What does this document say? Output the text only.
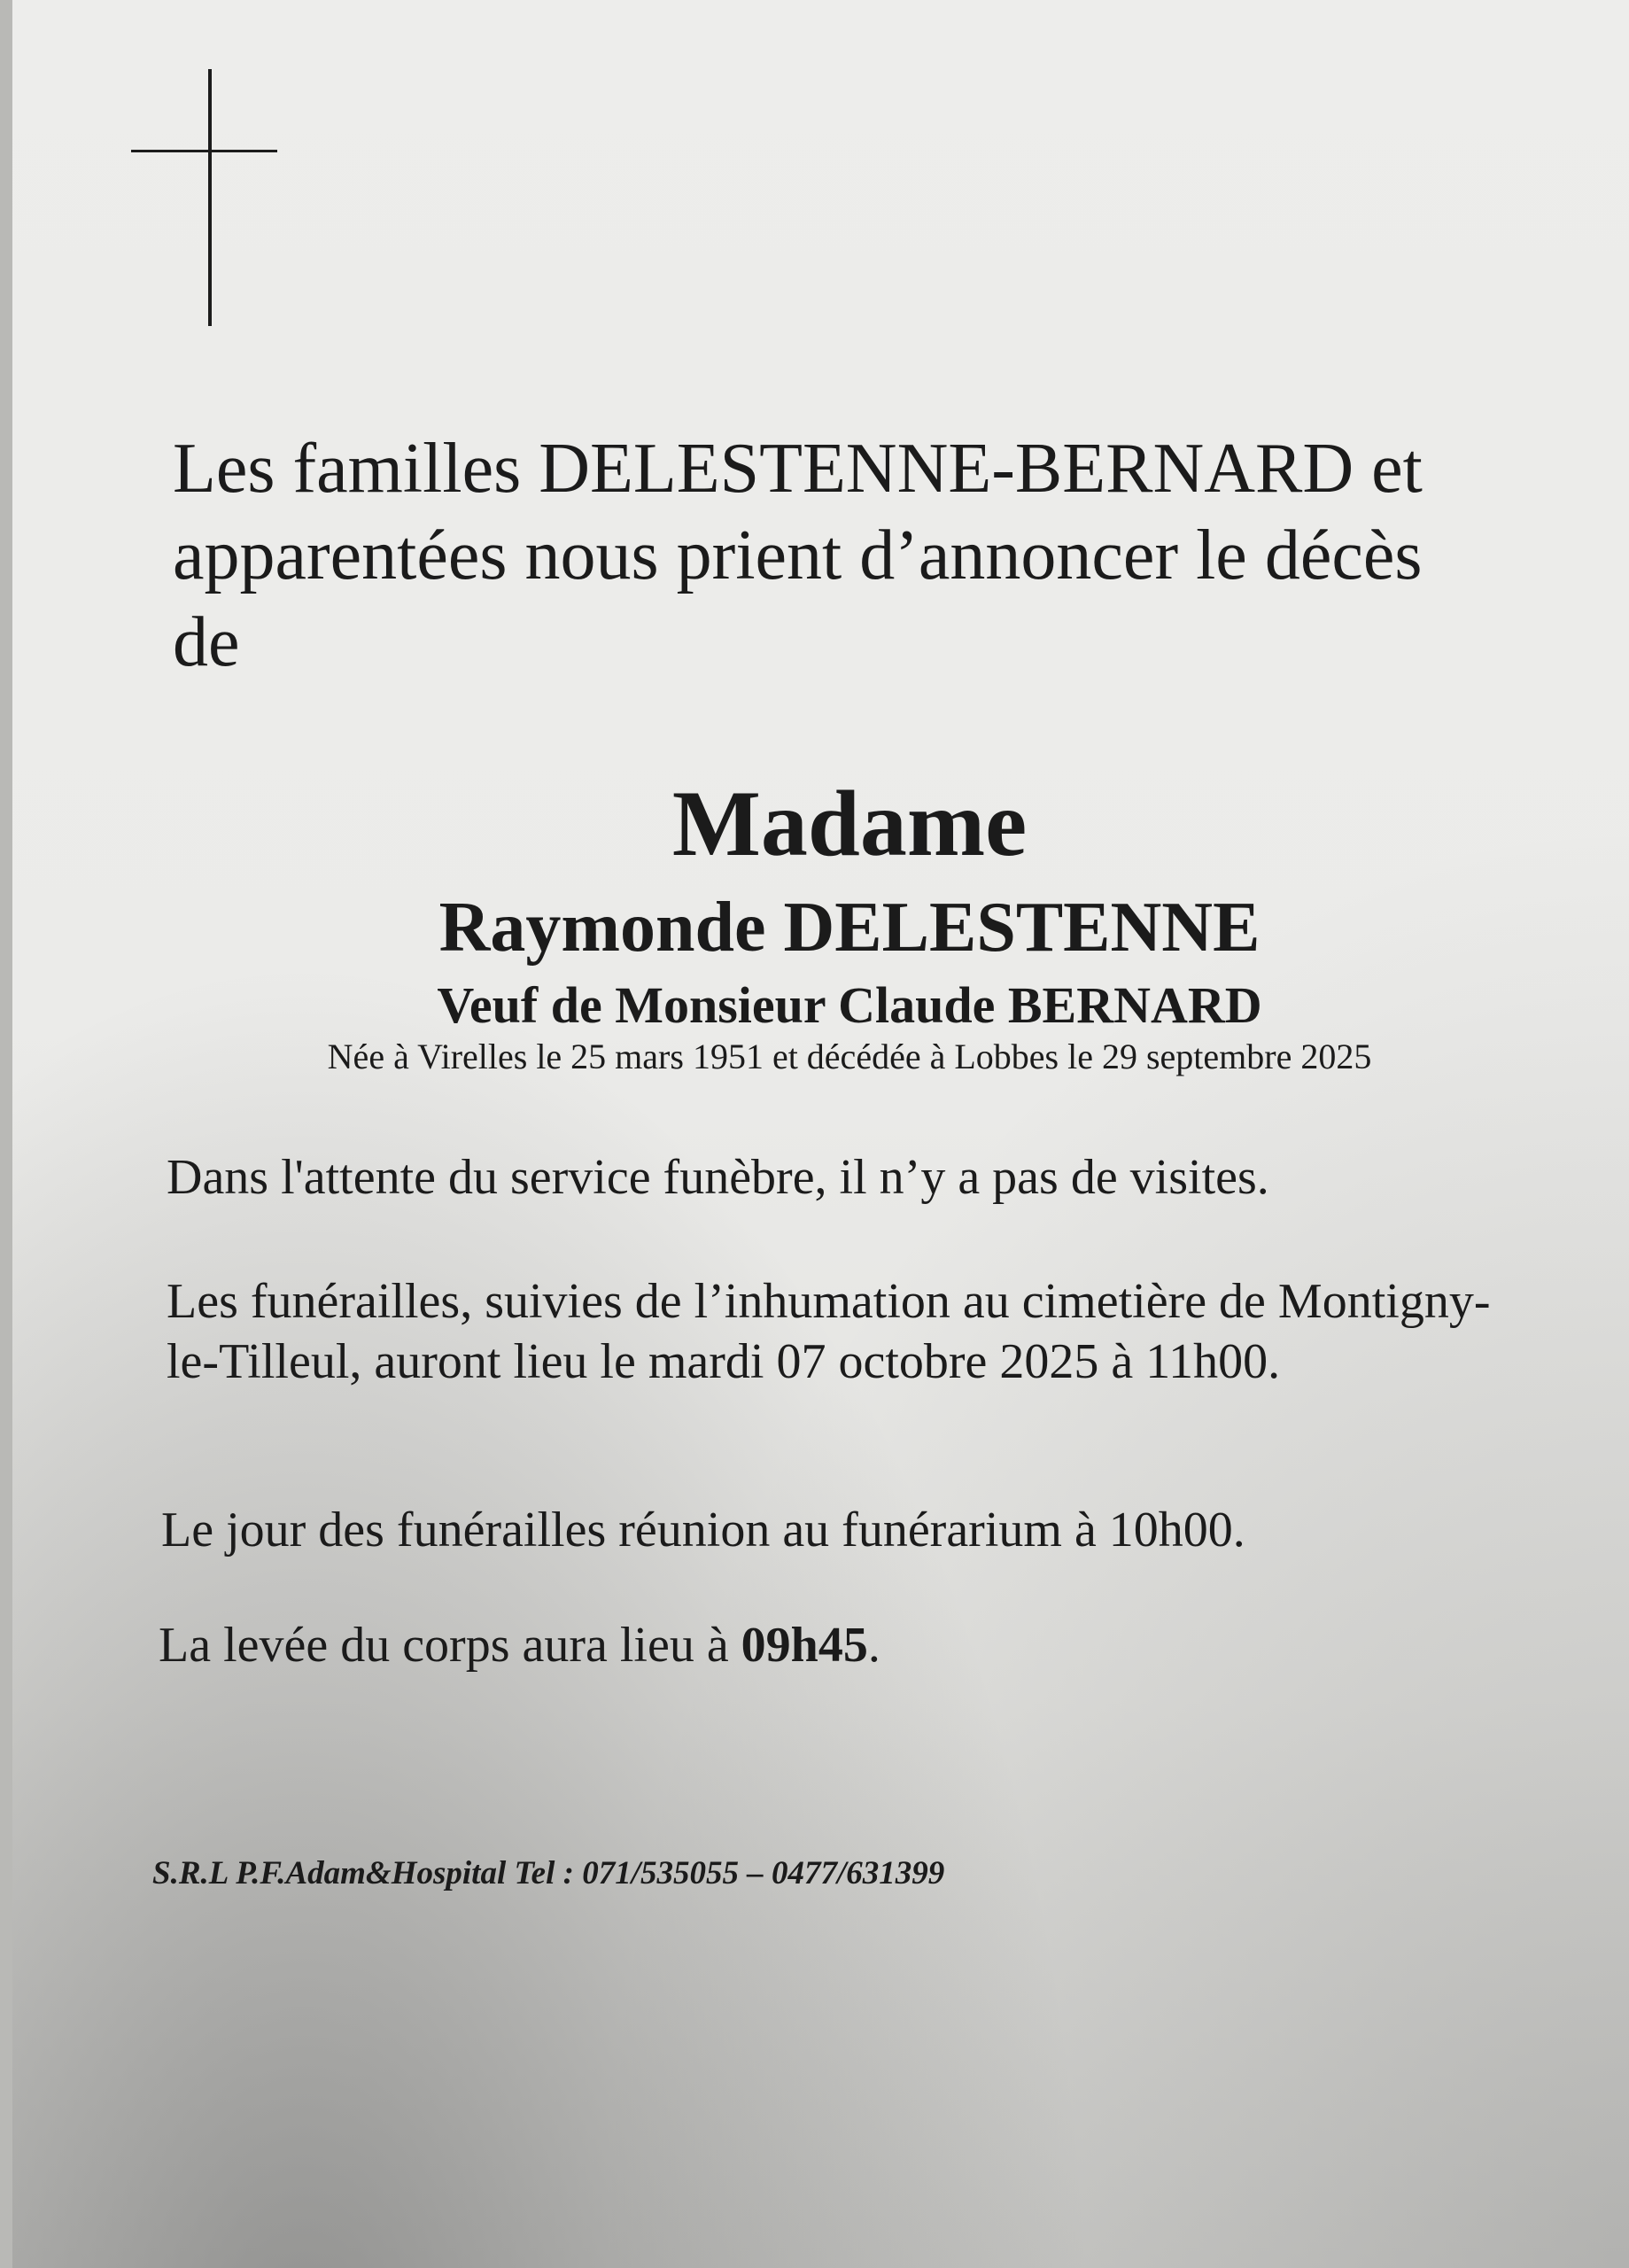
Les familles DELESTENNE-BERNARD et
apparentées nous prient d’annoncer le décès
de

Madame

Raymonde DELESTENNE

Veuf de Monsieur Claude BERNARD

Née à Virelles le 25 mars 1951 et décédée à Lobbes le 29 septembre 2025

Dans l'attente du service funèbre, il n’y a pas de visites.

Les funérailles, suivies de l’inhumation au cimetière de Montigny-
le-Tilleul, auront lieu le mardi 07 octobre 2025 à 11h00.

Le jour des funérailles réunion au funérarium à 10h00.

La levée du corps aura lieu à 09h45.

S.R.L P.F.Adam&Hospital Tel : 071/535055 – 0477/631399
